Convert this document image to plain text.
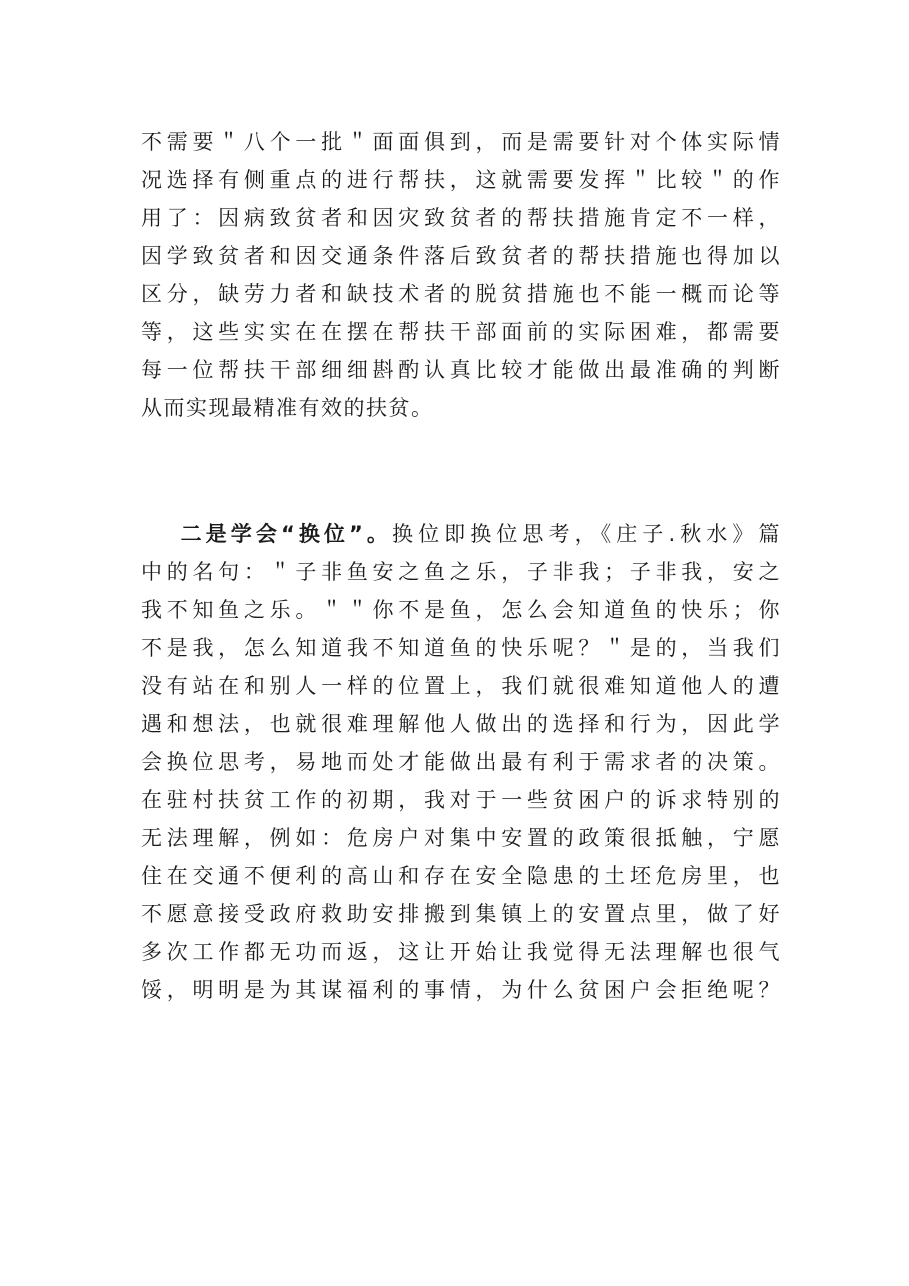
不需要＂八个一批＂面面俱到，而是需要针对个体实际情
况选择有侧重点的进行帮扶，这就需要发挥＂比较＂的作
用了：因病致贫者和因灾致贫者的帮扶措施肯定不一样，
因学致贫者和因交通条件落后致贫者的帮扶措施也得加以
区分，缺劳力者和缺技术者的脱贫措施也不能一概而论等
等，这些实实在在摆在帮扶干部面前的实际困难，都需要
每一位帮扶干部细细斟酌认真比较才能做出最准确的判断
从而实现最精准有效的扶贫。
二是学会“换位”。换位即换位思考，《庄子.秋水》篇
中的名句：＂子非鱼安之鱼之乐，子非我；子非我，安之
我不知鱼之乐。＂＂你不是鱼，怎么会知道鱼的快乐；你
不是我，怎么知道我不知道鱼的快乐呢？＂是的，当我们
没有站在和别人一样的位置上，我们就很难知道他人的遭
遇和想法，也就很难理解他人做出的选择和行为，因此学
会换位思考，易地而处才能做出最有利于需求者的决策。
在驻村扶贫工作的初期，我对于一些贫困户的诉求特别的
无法理解，例如：危房户对集中安置的政策很抵触，宁愿
住在交通不便利的高山和存在安全隐患的土坯危房里，也
不愿意接受政府救助安排搬到集镇上的安置点里，做了好
多次工作都无功而返，这让开始让我觉得无法理解也很气
馁，明明是为其谋福利的事情，为什么贫困户会拒绝呢？
